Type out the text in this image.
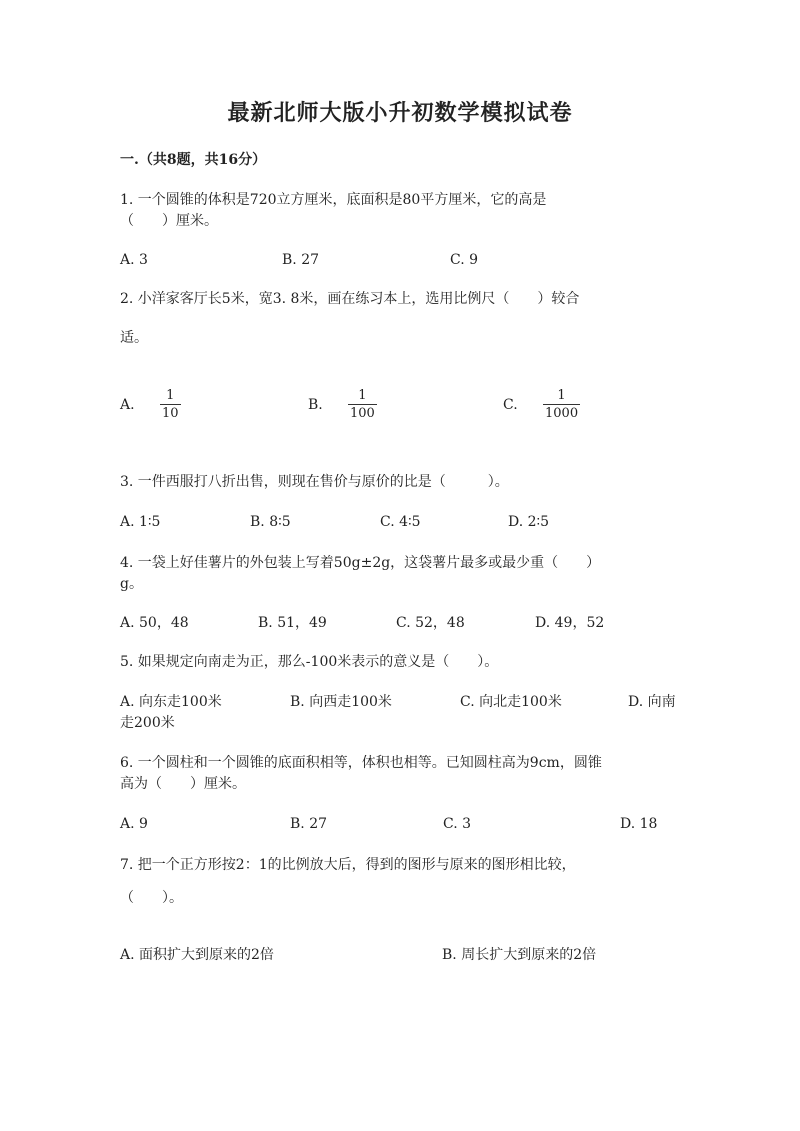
最新北师大版小升初数学模拟试卷
一.（共8题，共16分）
1. 一个圆锥的体积是720立方厘米，底面积是80平方厘米，它的高是
（　　）厘米。
A. 3	B. 27	C. 9
2. 小洋家客厅长5米，宽3. 8米，画在练习本上，选用比例尺（　　）较合
适。
A.
1
10
B.
1
100
C.
1
1000
3. 一件西服打八折出售，则现在售价与原价的比是（　　　）。
A. 1∶5	B. 8∶5	C. 4∶5	D. 2∶5
4. 一袋上好佳薯片的外包装上写着50g±2g，这袋薯片最多或最少重（　　）
g。
A. 50，48	B. 51，49	C. 52，48	D. 49，52
5. 如果规定向南走为正，那么-100米表示的意义是（　　）。
A. 向东走100米	B. 向西走100米	C. 向北走100米	D. 向南
走200米
6. 一个圆柱和一个圆锥的底面积相等，体积也相等。已知圆柱高为9cm，圆锥
高为（　　）厘米。
A. 9	B. 27	C. 3	D. 18
7. 把一个正方形按2：1的比例放大后，得到的图形与原来的图形相比较，
（　　）。
A. 面积扩大到原来的2倍	B. 周长扩大到原来的2倍
